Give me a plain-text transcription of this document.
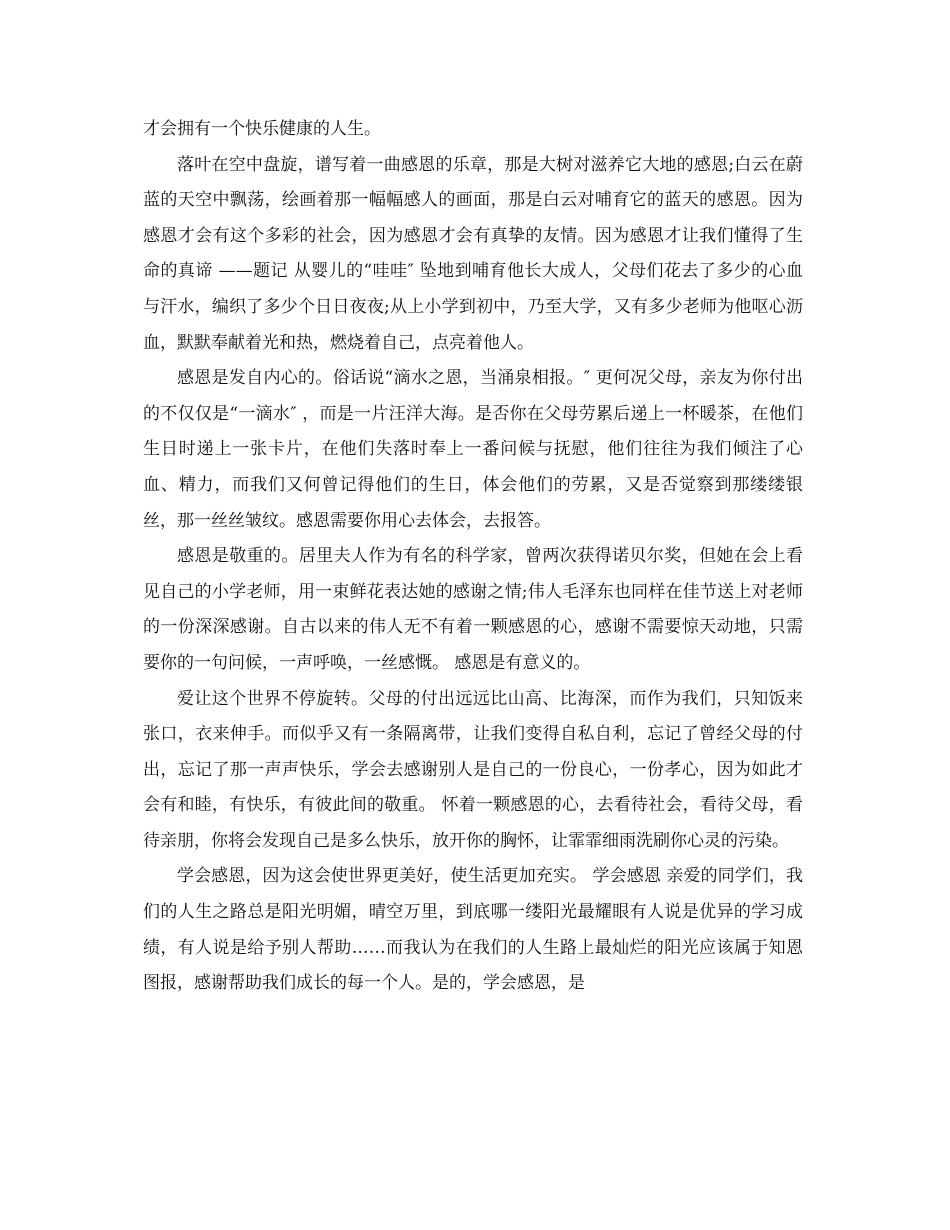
才会拥有一个快乐健康的人生。

落叶在空中盘旋，谱写着一曲感恩的乐章，那是大树对滋养它大地的感恩;白云在蔚蓝的天空中飘荡，绘画着那一幅幅感人的画面，那是白云对哺育它的蓝天的感恩。因为感恩才会有这个多彩的社会，因为感恩才会有真挚的友情。因为感恩才让我们懂得了生命的真谛 ——题记 从婴儿的“哇哇″ 坠地到哺育他长大成人，父母们花去了多少的心血与汗水，编织了多少个日日夜夜;从上小学到初中，乃至大学，又有多少老师为他呕心沥血，默默奉献着光和热，燃烧着自己，点亮着他人。

感恩是发自内心的。俗话说“滴水之恩，当涌泉相报。″ 更何况父母，亲友为你付出的不仅仅是“一滴水″ ，而是一片汪洋大海。是否你在父母劳累后递上一杯暖茶，在他们生日时递上一张卡片，在他们失落时奉上一番问候与抚慰，他们往往为我们倾注了心血、精力，而我们又何曾记得他们的生日，体会他们的劳累，又是否觉察到那缕缕银丝，那一丝丝皱纹。感恩需要你用心去体会，去报答。

感恩是敬重的。居里夫人作为有名的科学家，曾两次获得诺贝尔奖，但她在会上看见自己的小学老师，用一束鲜花表达她的感谢之情;伟人毛泽东也同样在佳节送上对老师的一份深深感谢。自古以来的伟人无不有着一颗感恩的心，感谢不需要惊天动地，只需要你的一句问候，一声呼唤，一丝感慨。 感恩是有意义的。

爱让这个世界不停旋转。父母的付出远远比山高、比海深，而作为我们，只知饭来张口，衣来伸手。而似乎又有一条隔离带，让我们变得自私自利，忘记了曾经父母的付出，忘记了那一声声快乐，学会去感谢别人是自己的一份良心，一份孝心，因为如此才会有和睦，有快乐，有彼此间的敬重。 怀着一颗感恩的心，去看待社会，看待父母，看待亲朋，你将会发现自己是多么快乐，放开你的胸怀，让霏霏细雨洗刷你心灵的污染。

学会感恩，因为这会使世界更美好，使生活更加充实。 学会感恩 亲爱的同学们，我们的人生之路总是阳光明媚，晴空万里，到底哪一缕阳光最耀眼有人说是优异的学习成绩，有人说是给予别人帮助……而我认为在我们的人生路上最灿烂的阳光应该属于知恩图报，感谢帮助我们成长的每一个人。是的，学会感恩，是
